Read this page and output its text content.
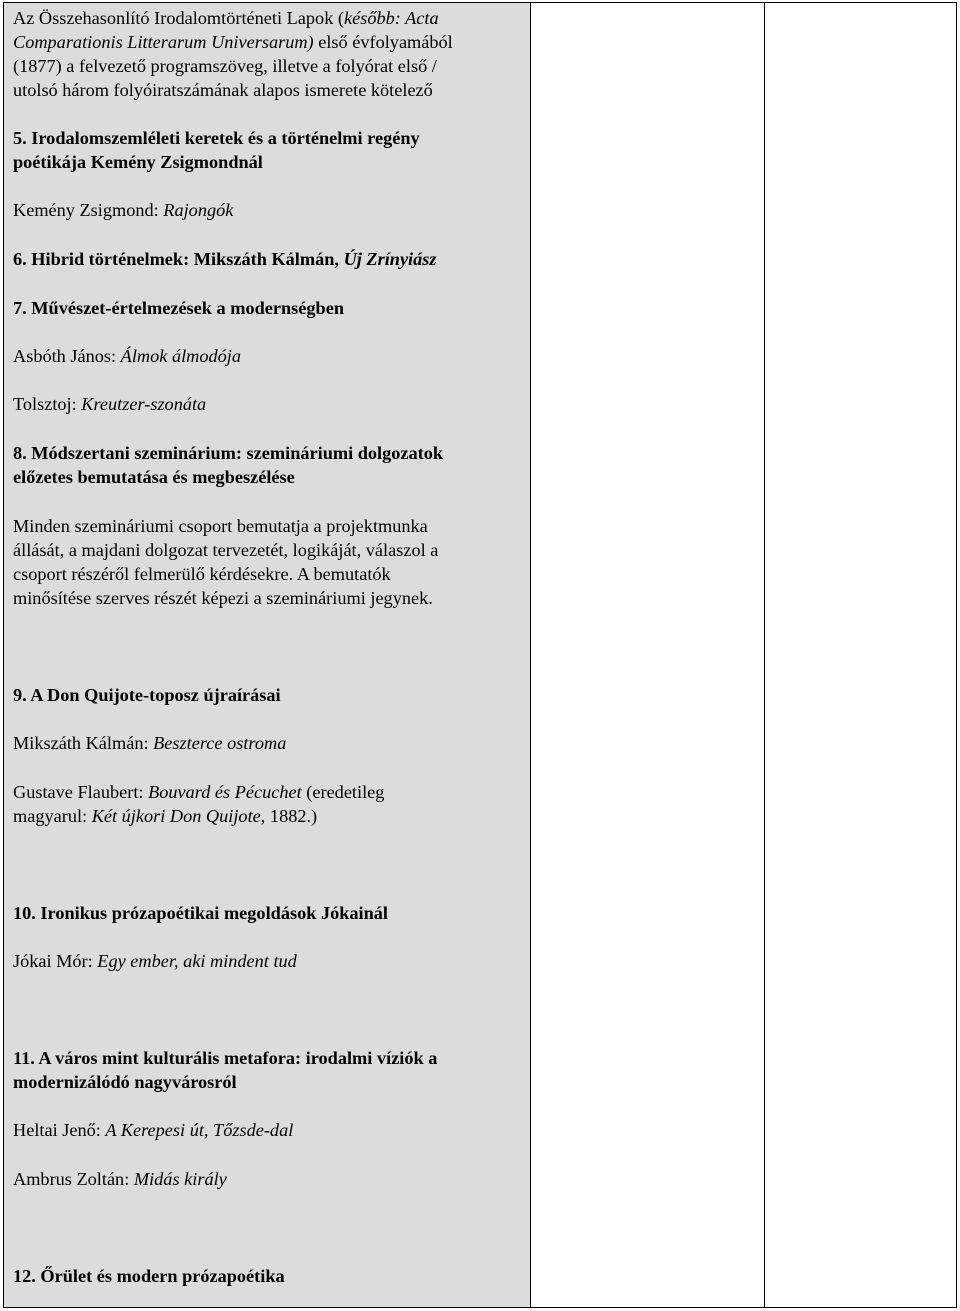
Az Összehasonlító Irodalomtörténeti Lapok (később: Acta
Comparationis Litterarum Universarum) első évfolyamából
(1877) a felvezető programszöveg, illetve a folyórat első /
utolsó három folyóiratszámának alapos ismerete kötelező
5. Irodalomszemléleti keretek és a történelmi regény
poétikája Kemény Zsigmondnál
Kemény Zsigmond: Rajongók
6. Hibrid történelmek: Mikszáth Kálmán, Új Zrínyiász
7. Művészet-értelmezések a modernségben
Asbóth János: Álmok álmodója
Tolsztoj: Kreutzer-szonáta
8. Módszertani szeminárium: szemináriumi dolgozatok
előzetes bemutatása és megbeszélése
Minden szemináriumi csoport bemutatja a projektmunka
állását, a majdani dolgozat tervezetét, logikáját, válaszol a
csoport részéről felmerülő kérdésekre. A bemutatók
minősítése szerves részét képezi a szemináriumi jegynek.
9. A Don Quijote-toposz újraírásai
Mikszáth Kálmán: Beszterce ostroma
Gustave Flaubert: Bouvard és Pécuchet (eredetileg
magyarul: Két újkori Don Quijote, 1882.)
10. Ironikus prózapoétikai megoldások Jókainál
Jókai Mór: Egy ember, aki mindent tud
11. A város mint kulturális metafora: irodalmi víziók a
modernizálódó nagyvárosról
Heltai Jenő: A Kerepesi út, Tőzsde-dal
Ambrus Zoltán: Midás király
12. Őrület és modern prózapoétika
